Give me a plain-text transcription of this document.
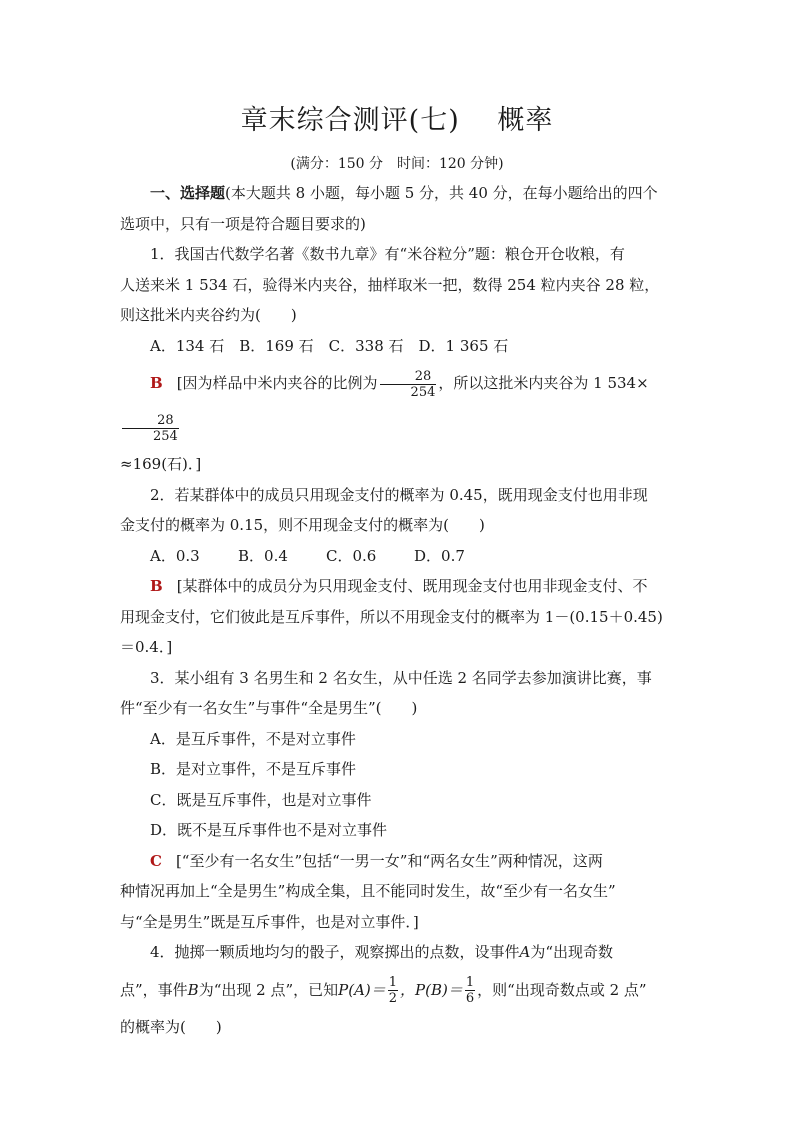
章末综合测评(七)　 概率
(满分：150 分　时间：120 分钟)

一、选择题(本大题共 8 小题，每小题 5 分，共 40 分，在每小题给出的四个

选项中，只有一项是符合题目要求的)

1．我国古代数学名著《数书九章》有“米谷粒分”题：粮仓开仓收粮，有

人送来米 1 534 石，验得米内夹谷，抽样取米一把，数得 254 粒内夹谷 28 粒，

则这批米内夹谷约为(　　)

A．134 石　B．169 石　C．338 石　D．1 365 石

B [因为样品中米内夹谷的比例为 $\frac{28}{254}$ ，所以这批米内夹谷为 1 534×
$\frac{28}{254}$

≈169(石)．]

2．若某群体中的成员只用现金支付的概率为 0.45，既用现金支付也用非现

金支付的概率为 0.15，则不用现金支付的概率为(　　)

A．0.3	B．0.4	C．0.6	D．0.7

B [某群体中的成员分为只用现金支付、既用现金支付也用非现金支付、不

用现金支付，它们彼此是互斥事件，所以不用现金支付的概率为 1－(0.15＋0.45)

＝0.4．]

3．某小组有 3 名男生和 2 名女生，从中任选 2 名同学去参加演讲比赛，事

件“至少有一名女生”与事件“全是男生”(　　)

A．是互斥事件，不是对立事件

B．是对立事件，不是互斥事件

C．既是互斥事件，也是对立事件

D．既不是互斥事件也不是对立事件

C [“至少有一名女生”包括“一男一女”和“两名女生”两种情况，这两

种情况再加上“全是男生”构成全集，且不能同时发生，故“至少有一名女生”

与“全是男生”既是互斥事件，也是对立事件．]

4．抛掷一颗质地均匀的骰子，观察掷出的点数，设事件A为“出现奇数

点”，事件B为“出现 2 点”，已知$P(A)= \frac{1}{2}$ ，$P(B)= \frac{1}{6}$ ，则“出现奇数点或 2 点”

的概率为(　　)
